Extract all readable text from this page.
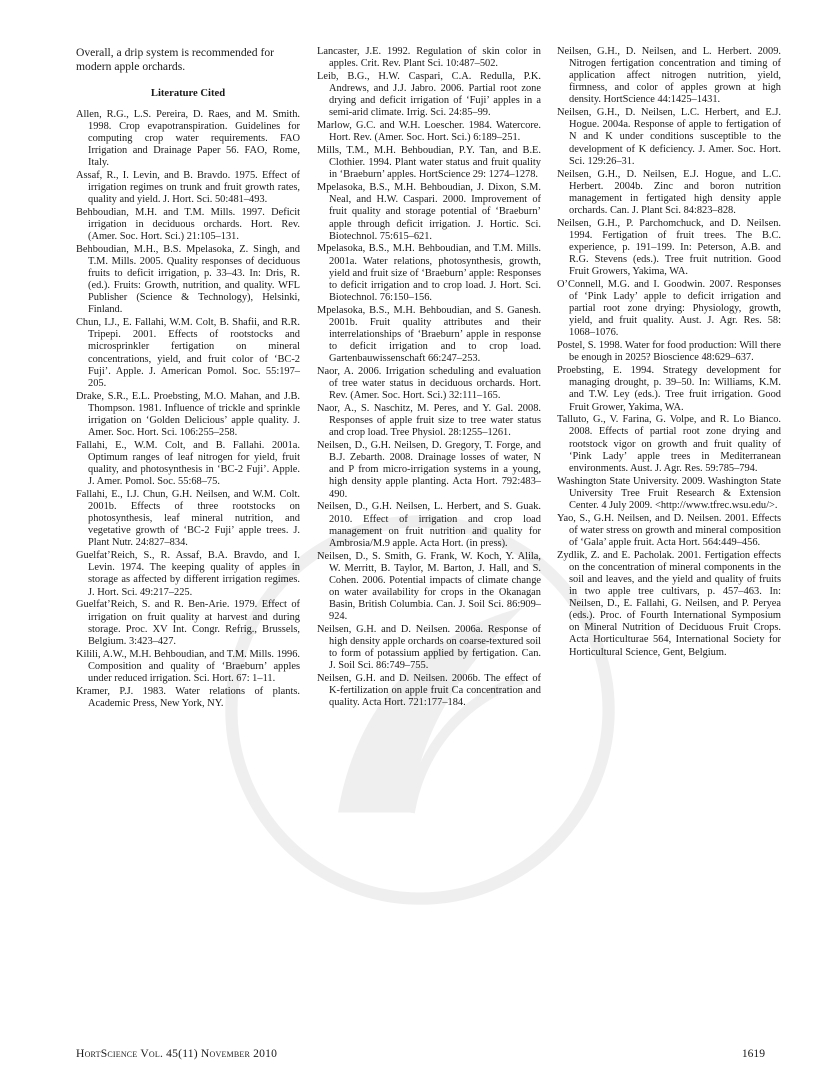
Overall, a drip system is recommended for modern apple orchards.

Literature Cited

Allen, R.G., L.S. Pereira, D. Raes, and M. Smith. 1998. Crop evapotranspiration. Guidelines for computing crop water requirements. FAO Irrigation and Drainage Paper 56. FAO, Rome, Italy.

Assaf, R., I. Levin, and B. Bravdo. 1975. Effect of irrigation regimes on trunk and fruit growth rates, quality and yield. J. Hort. Sci. 50:481–493.

Behboudian, M.H. and T.M. Mills. 1997. Deficit irrigation in deciduous orchards. Hort. Rev. (Amer. Soc. Hort. Sci.) 21:105–131.

Behboudian, M.H., B.S. Mpelasoka, Z. Singh, and T.M. Mills. 2005. Quality responses of deciduous fruits to deficit irrigation, p. 33–43. In: Dris, R. (ed.). Fruits: Growth, nutrition, and quality. WFL Publisher (Science & Technology), Helsinki, Finland.

Chun, I.J., E. Fallahi, W.M. Colt, B. Shafii, and R.R. Tripepi. 2001. Effects of rootstocks and microsprinkler fertigation on mineral concentrations, yield, and fruit color of ‘BC-2 Fuji’. Apple. J. American Pomol. Soc. 55:197–205.

Drake, S.R., E.L. Proebsting, M.O. Mahan, and J.B. Thompson. 1981. Influence of trickle and sprinkle irrigation on ‘Golden Delicious’ apple quality. J. Amer. Soc. Hort. Sci. 106:255–258.

Fallahi, E., W.M. Colt, and B. Fallahi. 2001a. Optimum ranges of leaf nitrogen for yield, fruit quality, and photosynthesis in ‘BC-2 Fuji’. Apple. J. Amer. Pomol. Soc. 55:68–75.

Fallahi, E., I.J. Chun, G.H. Neilsen, and W.M. Colt. 2001b. Effects of three rootstocks on photosynthesis, leaf mineral nutrition, and vegetative growth of ‘BC-2 Fuji’ apple trees. J. Plant Nutr. 24:827–834.

Guelfat’Reich, S., R. Assaf, B.A. Bravdo, and I. Levin. 1974. The keeping quality of apples in storage as affected by different irrigation regimes. J. Hort. Sci. 49:217–225.

Guelfat’Reich, S. and R. Ben-Arie. 1979. Effect of irrigation on fruit quality at harvest and during storage. Proc. XV Int. Congr. Refrig., Brussels, Belgium. 3:423–427.

Kilili, A.W., M.H. Behboudian, and T.M. Mills. 1996. Composition and quality of ‘Braeburn’ apples under reduced irrigation. Sci. Hort. 67: 1–11.

Kramer, P.J. 1983. Water relations of plants. Academic Press, New York, NY.

Lancaster, J.E. 1992. Regulation of skin color in apples. Crit. Rev. Plant Sci. 10:487–502.

Leib, B.G., H.W. Caspari, C.A. Redulla, P.K. Andrews, and J.J. Jabro. 2006. Partial root zone drying and deficit irrigation of ‘Fuji’ apples in a semi-arid climate. Irrig. Sci. 24:85–99.

Marlow, G.C. and W.H. Loescher. 1984. Watercore. Hort. Rev. (Amer. Soc. Hort. Sci.) 6:189–251.

Mills, T.M., M.H. Behboudian, P.Y. Tan, and B.E. Clothier. 1994. Plant water status and fruit quality in ‘Braeburn’ apples. HortScience 29: 1274–1278.

Mpelasoka, B.S., M.H. Behboudian, J. Dixon, S.M. Neal, and H.W. Caspari. 2000. Improvement of fruit quality and storage potential of ‘Braeburn’ apple through deficit irrigation. J. Hortic. Sci. Biotechnol. 75:615–621.

Mpelasoka, B.S., M.H. Behboudian, and T.M. Mills. 2001a. Water relations, photosynthesis, growth, yield and fruit size of ‘Braeburn’ apple: Responses to deficit irrigation and to crop load. J. Hort. Sci. Biotechnol. 76:150–156.

Mpelasoka, B.S., M.H. Behboudian, and S. Ganesh. 2001b. Fruit quality attributes and their interrelationships of ‘Braeburn’ apple in response to deficit irrigation and to crop load. Gartenbauwissenschaft 66:247–253.

Naor, A. 2006. Irrigation scheduling and evaluation of tree water status in deciduous orchards. Hort. Rev. (Amer. Soc. Hort. Sci.) 32:111–165.

Naor, A., S. Naschitz, M. Peres, and Y. Gal. 2008. Responses of apple fruit size to tree water status and crop load. Tree Physiol. 28:1255–1261.

Neilsen, D., G.H. Neilsen, D. Gregory, T. Forge, and B.J. Zebarth. 2008. Drainage losses of water, N and P from micro-irrigation systems in a young, high density apple planting. Acta Hort. 792:483–490.

Neilsen, D., G.H. Neilsen, L. Herbert, and S. Guak. 2010. Effect of irrigation and crop load management on fruit nutrition and quality for Ambrosia/M.9 apple. Acta Hort. (in press).

Neilsen, D., S. Smith, G. Frank, W. Koch, Y. Alila, W. Merritt, B. Taylor, M. Barton, J. Hall, and S. Cohen. 2006. Potential impacts of climate change on water availability for crops in the Okanagan Basin, British Columbia. Can. J. Soil Sci. 86:909–924.

Neilsen, G.H. and D. Neilsen. 2006a. Response of high density apple orchards on coarse-textured soil to form of potassium applied by fertigation. Can. J. Soil Sci. 86:749–755.

Neilsen, G.H. and D. Neilsen. 2006b. The effect of K-fertilization on apple fruit Ca concentration and quality. Acta Hort. 721:177–184.

Neilsen, G.H., D. Neilsen, and L. Herbert. 2009. Nitrogen fertigation concentration and timing of application affect nitrogen nutrition, yield, firmness, and color of apples grown at high density. HortScience 44:1425–1431.

Neilsen, G.H., D. Neilsen, L.C. Herbert, and E.J. Hogue. 2004a. Response of apple to fertigation of N and K under conditions susceptible to the development of K deficiency. J. Amer. Soc. Hort. Sci. 129:26–31.

Neilsen, G.H., D. Neilsen, E.J. Hogue, and L.C. Herbert. 2004b. Zinc and boron nutrition management in fertigated high density apple orchards. Can. J. Plant Sci. 84:823–828.

Neilsen, G.H., P. Parchomchuck, and D. Neilsen. 1994. Fertigation of fruit trees. The B.C. experience, p. 191–199. In: Peterson, A.B. and R.G. Stevens (eds.). Tree fruit nutrition. Good Fruit Growers, Yakima, WA.

O’Connell, M.G. and I. Goodwin. 2007. Responses of ‘Pink Lady’ apple to deficit irrigation and partial root zone drying: Physiology, growth, yield, and fruit quality. Aust. J. Agr. Res. 58: 1068–1076.

Postel, S. 1998. Water for food production: Will there be enough in 2025? Bioscience 48:629–637.

Proebsting, E. 1994. Strategy development for managing drought, p. 39–50. In: Williams, K.M. and T.W. Ley (eds.). Tree fruit irrigation. Good Fruit Grower, Yakima, WA.

Talluto, G., V. Farina, G. Volpe, and R. Lo Bianco. 2008. Effects of partial root zone drying and rootstock vigor on growth and fruit quality of ‘Pink Lady’ apple trees in Mediterranean environments. Aust. J. Agr. Res. 59:785–794.

Washington State University. 2009. Washington State University Tree Fruit Research & Extension Center. 4 July 2009. <http://www.tfrec.wsu.edu/>.

Yao, S., G.H. Neilsen, and D. Neilsen. 2001. Effects of water stress on growth and mineral composition of ‘Gala’ apple fruit. Acta Hort. 564:449–456.

Zydlik, Z. and E. Pacholak. 2001. Fertigation effects on the concentration of mineral components in the soil and leaves, and the yield and quality of fruits in two apple tree cultivars, p. 457–463. In: Neilsen, D., E. Fallahi, G. Neilsen, and P. Peryea (eds.). Proc. of Fourth International Symposium on Mineral Nutrition of Deciduous Fruit Crops. Acta Horticulturae 564, International Society for Horticultural Science, Gent, Belgium.

HortScience Vol. 45(11) November 2010	1619
